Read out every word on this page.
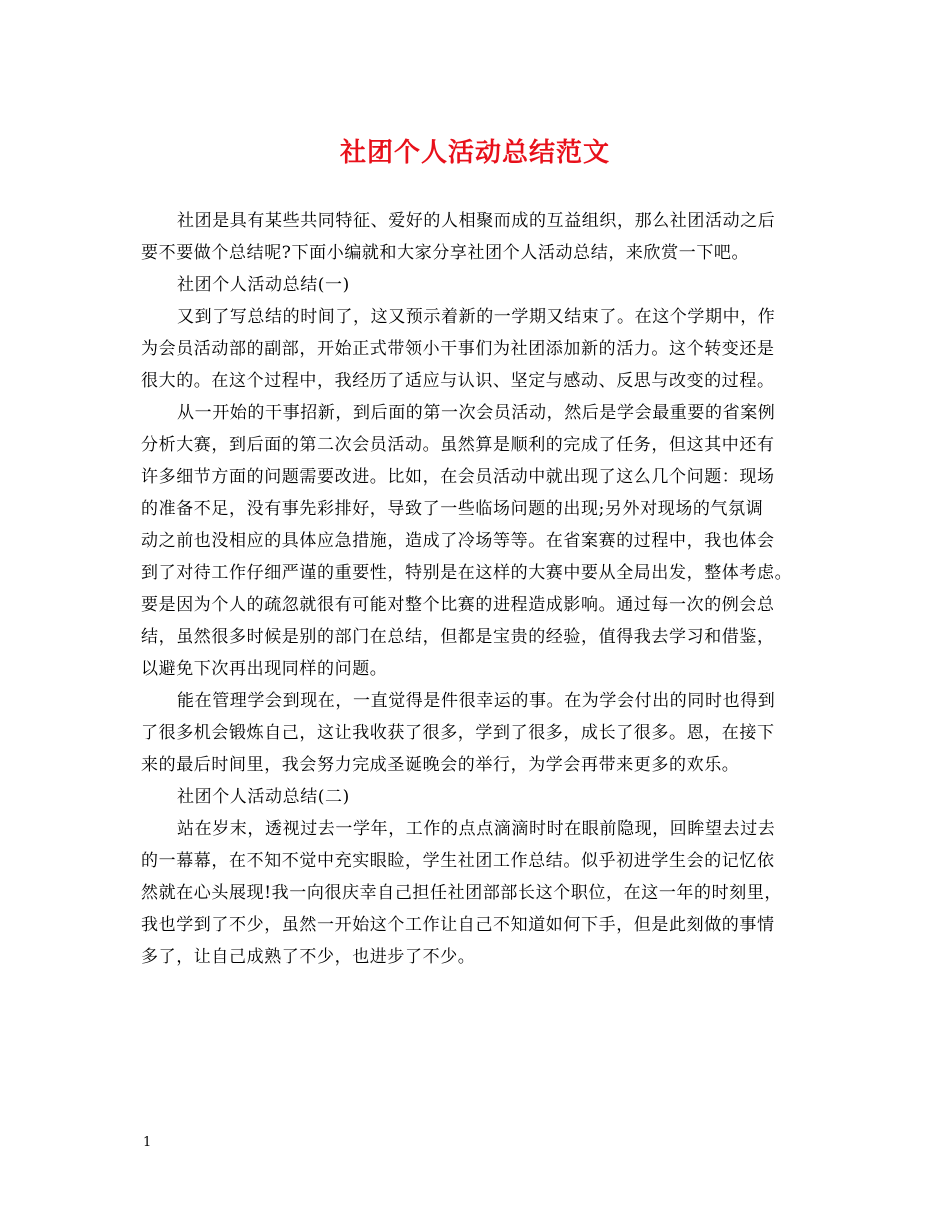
社团个人活动总结范文
社团是具有某些共同特征、爱好的人相聚而成的互益组织，那么社团活动之后
要不要做个总结呢?下面小编就和大家分享社团个人活动总结，来欣赏一下吧。
社团个人活动总结(一)
又到了写总结的时间了，这又预示着新的一学期又结束了。在这个学期中，作
为会员活动部的副部，开始正式带领小干事们为社团添加新的活力。这个转变还是
很大的。在这个过程中，我经历了适应与认识、坚定与感动、反思与改变的过程。
从一开始的干事招新，到后面的第一次会员活动，然后是学会最重要的省案例
分析大赛，到后面的第二次会员活动。虽然算是顺利的完成了任务，但这其中还有
许多细节方面的问题需要改进。比如，在会员活动中就出现了这么几个问题：现场
的准备不足，没有事先彩排好，导致了一些临场问题的出现;另外对现场的气氛调
动之前也没相应的具体应急措施，造成了冷场等等。在省案赛的过程中，我也体会
到了对待工作仔细严谨的重要性，特别是在这样的大赛中要从全局出发，整体考虑。
要是因为个人的疏忽就很有可能对整个比赛的进程造成影响。通过每一次的例会总
结，虽然很多时候是别的部门在总结，但都是宝贵的经验，值得我去学习和借鉴，
以避免下次再出现同样的问题。
能在管理学会到现在，一直觉得是件很幸运的事。在为学会付出的同时也得到
了很多机会锻炼自己，这让我收获了很多，学到了很多，成长了很多。恩，在接下
来的最后时间里，我会努力完成圣诞晚会的举行，为学会再带来更多的欢乐。
社团个人活动总结(二)
站在岁末，透视过去一学年，工作的点点滴滴时时在眼前隐现，回眸望去过去
的一幕幕，在不知不觉中充实眼睑，学生社团工作总结。似乎初进学生会的记忆依
然就在心头展现!我一向很庆幸自己担任社团部部长这个职位，在这一年的时刻里，
我也学到了不少，虽然一开始这个工作让自己不知道如何下手，但是此刻做的事情
多了，让自己成熟了不少，也进步了不少。
1
